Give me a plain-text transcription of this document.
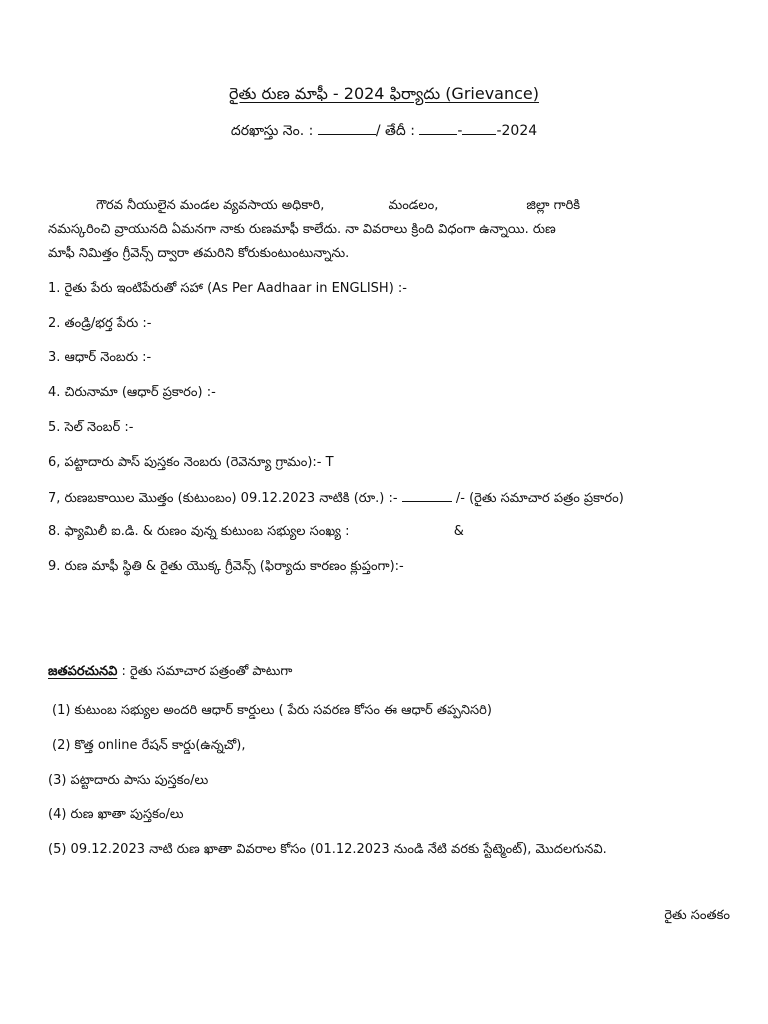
రైతు రుణ మాఫీ - 2024 ఫిర్యాదు (Grievance)
దరఖాస్తు నెం. :	/ తేదీ :	- -2024
గౌరవ నీయులైన మండల వ్యవసాయ అధికారి,	మండలం,	జిల్లా గారికి
నమస్కరించి వ్రాయునది ఏమనగా నాకు రుణమాఫీ కాలేదు. నా వివరాలు క్రింది విధంగా ఉన్నాయి. రుణ
మాఫీ నిమిత్తం గ్రీవెన్స్ ద్వారా తమరిని కోరుకుంటుంటున్నాను.
1. రైతు పేరు ఇంటిపేరుతో సహా (As Per Aadhaar in ENGLISH) :-
2. తండ్రి/భర్త పేరు :-
3. ఆధార్ నెంబరు :-
4. చిరునామా (ఆధార్ ప్రకారం) :-
5. సెల్ నెంబర్ :-
6, పట్టాదారు పాస్ పుస్తకం నెంబరు (రెవెన్యూ గ్రామం):- T
7, రుణబకాయిల మొత్తం (కుటుంబం) 09.12.2023 నాటికి (రూ.) :-	/- (రైతు సమాచార పత్రం ప్రకారం)
8. ఫ్యామిలీ ఐ.డి. & రుణం వున్న కుటుంబ సభ్యుల సంఖ్య :	&
9. రుణ మాఫీ స్థితి & రైతు యొక్క గ్రీవెన్స్ (ఫిర్యాదు కారణం క్లుప్తంగా):-
జతపరచునవి : రైతు సమాచార పత్రంతో పాటుగా
(1) కుటుంబ సభ్యుల అందరి ఆధార్ కార్డులు ( పేరు సవరణ కోసం ఈ ఆధార్ తప్పనిసరి)
(2) కొత్త online రేషన్ కార్డు(ఉన్నచో),
(3) పట్టాదారు పాసు పుస్తకం/లు
(4) రుణ ఖాతా పుస్తకం/లు
(5) 09.12.2023 నాటి రుణ ఖాతా వివరాల కోసం (01.12.2023 నుండి నేటి వరకు స్టేట్మెంట్), మొదలగునవి.
రైతు సంతకం
